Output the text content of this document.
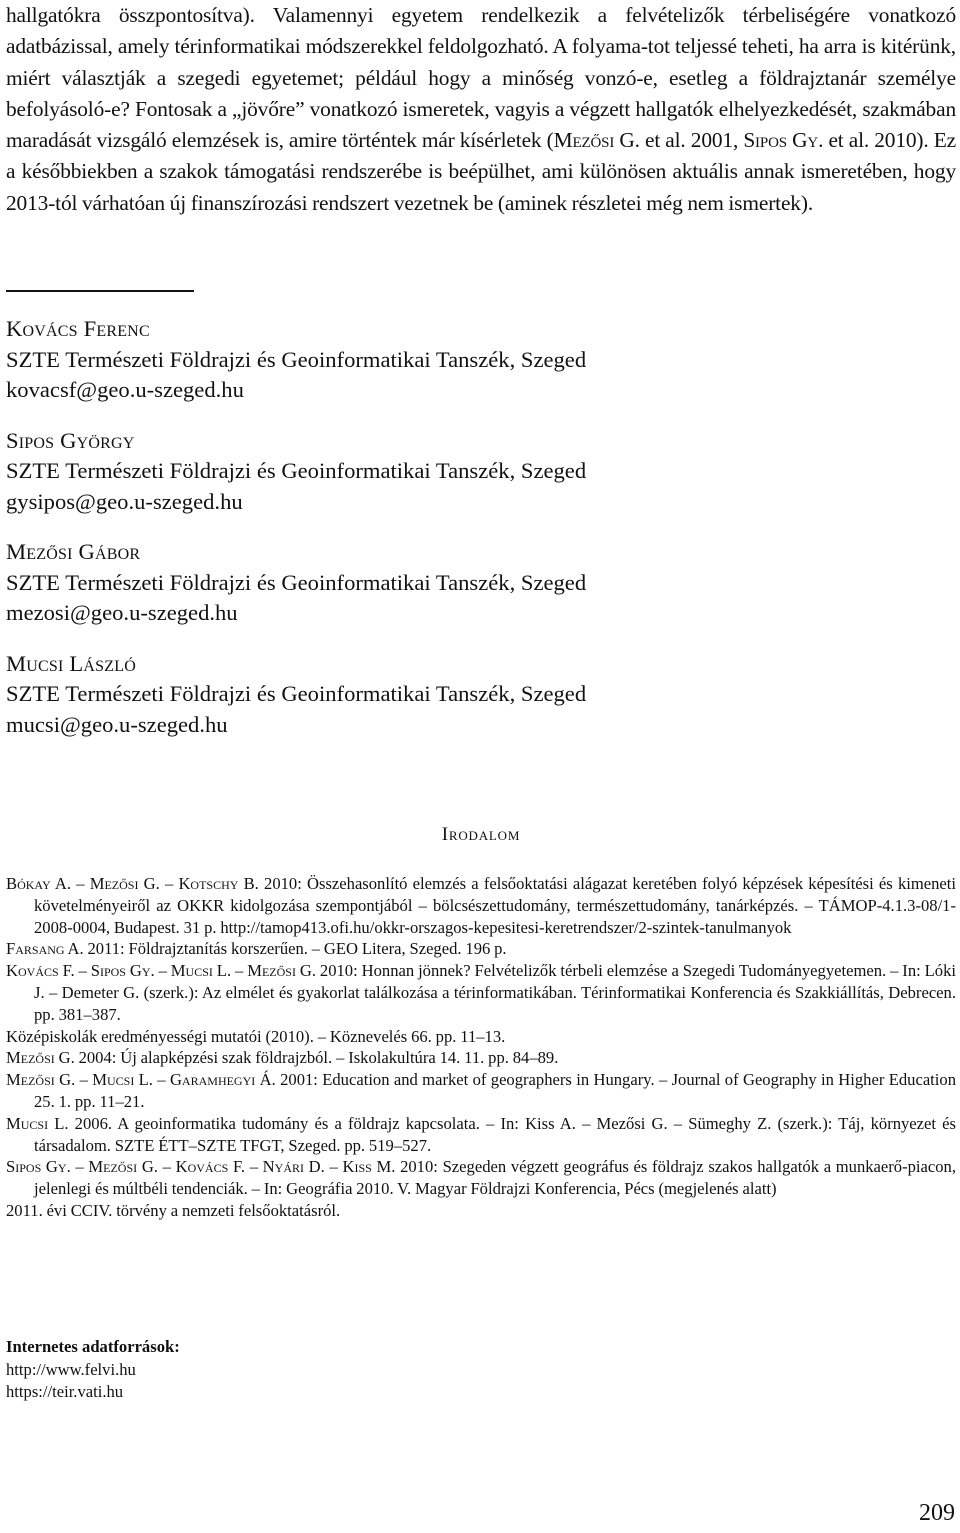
hallgatókra összpontosítva). Valamennyi egyetem rendelkezik a felvételizők térbeliségére vonatkozó adatbázissal, amely térinformatikai módszerekkel feldolgozható. A folyama-tot teljessé teheti, ha arra is kitérünk, miért választják a szegedi egyetemet; például hogy a minőség vonzó-e, esetleg a földrajztanár személye befolyásoló-e? Fontosak a „jövőre” vonatkozó ismeretek, vagyis a végzett hallgatók elhelyezkedését, szakmában maradását vizsgáló elemzések is, amire történtek már kísérletek (Mezősi G. et al. 2001, Sipos Gy. et al. 2010). Ez a későbbiekben a szakok támogatási rendszerébe is beépülhet, ami különösen aktuális annak ismeretében, hogy 2013-tól várhatóan új finanszírozási rendszert vezetnek be (aminek részletei még nem ismertek).

Kovács Ferenc
SZTE Természeti Földrajzi és Geoinformatikai Tanszék, Szeged
kovacsf@geo.u-szeged.hu
Sipos György
SZTE Természeti Földrajzi és Geoinformatikai Tanszék, Szeged
gysipos@geo.u-szeged.hu
Mezősi Gábor
SZTE Természeti Földrajzi és Geoinformatikai Tanszék, Szeged
mezosi@geo.u-szeged.hu
Mucsi László
SZTE Természeti Földrajzi és Geoinformatikai Tanszék, Szeged
mucsi@geo.u-szeged.hu
Irodalom

Bókay A. – Mezősi G. – Kotschy B. 2010: Összehasonlító elemzés a felsőoktatási alágazat keretében folyó képzések képesítési és kimeneti követelményeiről az OKKR kidolgozása szempontjából – bölcsészettudomány, természettudomány, tanárképzés. – TÁMOP-4.1.3-08/1-2008-0004, Budapest. 31 p. http://tamop413.ofi.hu/okkr-orszagos-kepesitesi-keretrendszer/2-szintek-tanulmanyok

Farsang A. 2011: Földrajztanítás korszerűen. – GEO Litera, Szeged. 196 p.

Kovács F. – Sipos Gy. – Mucsi L. – Mezősi G. 2010: Honnan jönnek? Felvételizők térbeli elemzése a Szegedi Tudományegyetemen. – In: Lóki J. – Demeter G. (szerk.): Az elmélet és gyakorlat találkozása a térinformatikában. Térinformatikai Konferencia és Szakkiállítás, Debrecen. pp. 381–387.

Középiskolák eredményességi mutatói (2010). – Köznevelés 66. pp. 11–13.

Mezősi G. 2004: Új alapképzési szak földrajzból. – Iskolakultúra 14. 11. pp. 84–89.

Mezősi G. – Mucsi L. – Garamhegyi Á. 2001: Education and market of geographers in Hungary. – Journal of Geography in Higher Education 25. 1. pp. 11–21.

Mucsi L. 2006. A geoinformatika tudomány és a földrajz kapcsolata. – In: Kiss A. – Mezősi G. – Sümeghy Z. (szerk.): Táj, környezet és társadalom. SZTE ÉTT–SZTE TFGT, Szeged. pp. 519–527.

Sipos Gy. – Mezősi G. – Kovács F. – Nyári D. – Kiss M. 2010: Szegeden végzett geográfus és földrajz szakos hallgatók a munkaerő-piacon, jelenlegi és múltbéli tendenciák. – In: Geográfia 2010. V. Magyar Földrajzi Konferencia, Pécs (megjelenés alatt)

2011. évi CCIV. törvény a nemzeti felsőoktatásról.

Internetes adatforrások:
http://www.felvi.hu
https://teir.vati.hu
209
